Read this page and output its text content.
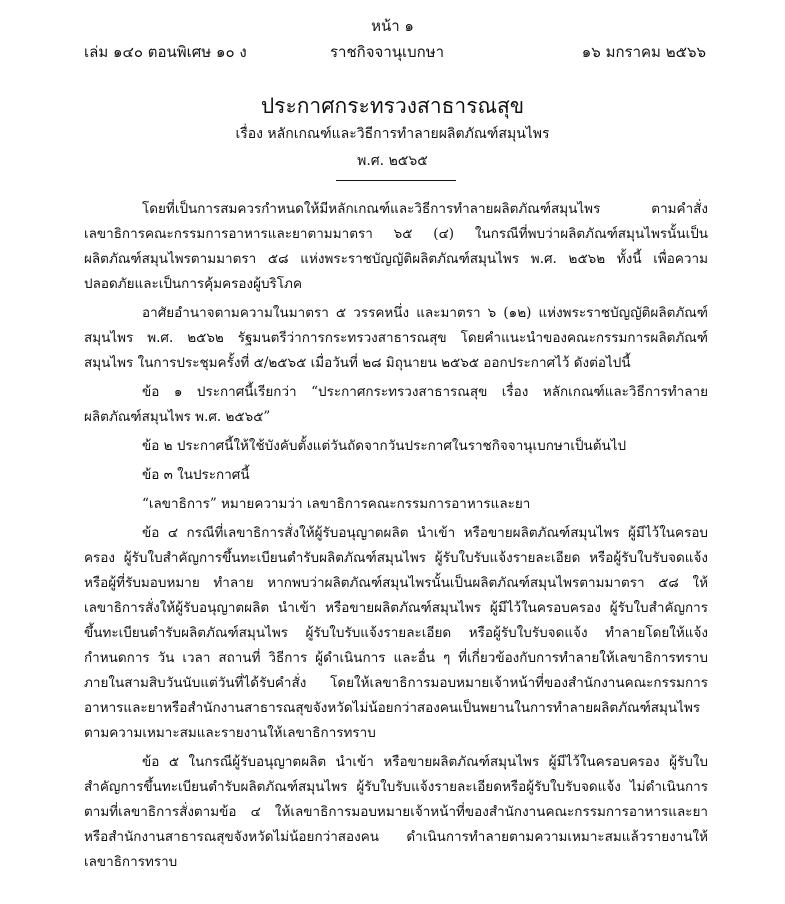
หน้า ๑
เล่ม ๑๔๐ ตอนพิเศษ ๑๐ ง	ราชกิจจานุเบกษา	๑๖ มกราคม ๒๕๖๖
ประกาศกระทรวงสาธารณสุข
เรื่อง หลักเกณฑ์และวิธีการทำลายผลิตภัณฑ์สมุนไพร
พ.ศ. ๒๕๖๕

โดยที่เป็นการสมควรกำหนดให้มีหลักเกณฑ์และวิธีการทำลายผลิตภัณฑ์สมุนไพร ตามคำสั่งเลขาธิการคณะกรรมการอาหารและยาตามมาตรา ๖๕ (๔) ในกรณีที่พบว่าผลิตภัณฑ์สมุนไพรนั้นเป็นผลิตภัณฑ์สมุนไพรตามมาตรา ๕๘ แห่งพระราชบัญญัติผลิตภัณฑ์สมุนไพร พ.ศ. ๒๕๖๒ ทั้งนี้ เพื่อความปลอดภัยและเป็นการคุ้มครองผู้บริโภค

อาศัยอำนาจตามความในมาตรา ๕ วรรคหนึ่ง และมาตรา ๖ (๑๒) แห่งพระราชบัญญัติผลิตภัณฑ์สมุนไพร พ.ศ. ๒๕๖๒ รัฐมนตรีว่าการกระทรวงสาธารณสุข โดยคำแนะนำของคณะกรรมการผลิตภัณฑ์สมุนไพร ในการประชุมครั้งที่ ๕/๒๕๖๕ เมื่อวันที่ ๒๘ มิถุนายน ๒๕๖๕ ออกประกาศไว้ ดังต่อไปนี้

ข้อ ๑ ประกาศนี้เรียกว่า “ประกาศกระทรวงสาธารณสุข เรื่อง หลักเกณฑ์และวิธีการทำลายผลิตภัณฑ์สมุนไพร พ.ศ. ๒๕๖๕”

ข้อ ๒ ประกาศนี้ให้ใช้บังคับตั้งแต่วันถัดจากวันประกาศในราชกิจจานุเบกษาเป็นต้นไป

ข้อ ๓ ในประกาศนี้

“เลขาธิการ” หมายความว่า เลขาธิการคณะกรรมการอาหารและยา

ข้อ ๔ กรณีที่เลขาธิการสั่งให้ผู้รับอนุญาตผลิต นำเข้า หรือขายผลิตภัณฑ์สมุนไพร ผู้มีไว้ในครอบครอง ผู้รับใบสำคัญการขึ้นทะเบียนตำรับผลิตภัณฑ์สมุนไพร ผู้รับใบรับแจ้งรายละเอียด หรือผู้รับใบรับจดแจ้ง หรือผู้ที่รับมอบหมาย ทำลาย หากพบว่าผลิตภัณฑ์สมุนไพรนั้นเป็นผลิตภัณฑ์สมุนไพรตามมาตรา ๕๘ ให้เลขาธิการสั่งให้ผู้รับอนุญาตผลิต นำเข้า หรือขายผลิตภัณฑ์สมุนไพร ผู้มีไว้ในครอบครอง ผู้รับใบสำคัญการขึ้นทะเบียนตำรับผลิตภัณฑ์สมุนไพร ผู้รับใบรับแจ้งรายละเอียด หรือผู้รับใบรับจดแจ้ง ทำลายโดยให้แจ้งกำหนดการ วัน เวลา สถานที่ วิธีการ ผู้ดำเนินการ และอื่น ๆ ที่เกี่ยวข้องกับการทำลายให้เลขาธิการทราบภายในสามสิบวันนับแต่วันที่ได้รับคำสั่ง โดยให้เลขาธิการมอบหมายเจ้าหน้าที่ของสำนักงานคณะกรรมการอาหารและยาหรือสำนักงานสาธารณสุขจังหวัดไม่น้อยกว่าสองคนเป็นพยานในการทำลายผลิตภัณฑ์สมุนไพรตามความเหมาะสมและรายงานให้เลขาธิการทราบ

ข้อ ๕ ในกรณีผู้รับอนุญาตผลิต นำเข้า หรือขายผลิตภัณฑ์สมุนไพร ผู้มีไว้ในครอบครอง ผู้รับใบสำคัญการขึ้นทะเบียนตำรับผลิตภัณฑ์สมุนไพร ผู้รับใบรับแจ้งรายละเอียดหรือผู้รับใบรับจดแจ้ง ไม่ดำเนินการตามที่เลขาธิการสั่งตามข้อ ๔ ให้เลขาธิการมอบหมายเจ้าหน้าที่ของสำนักงานคณะกรรมการอาหารและยาหรือสำนักงานสาธารณสุขจังหวัดไม่น้อยกว่าสองคน ดำเนินการทำลายตามความเหมาะสมแล้วรายงานให้เลขาธิการทราบ
